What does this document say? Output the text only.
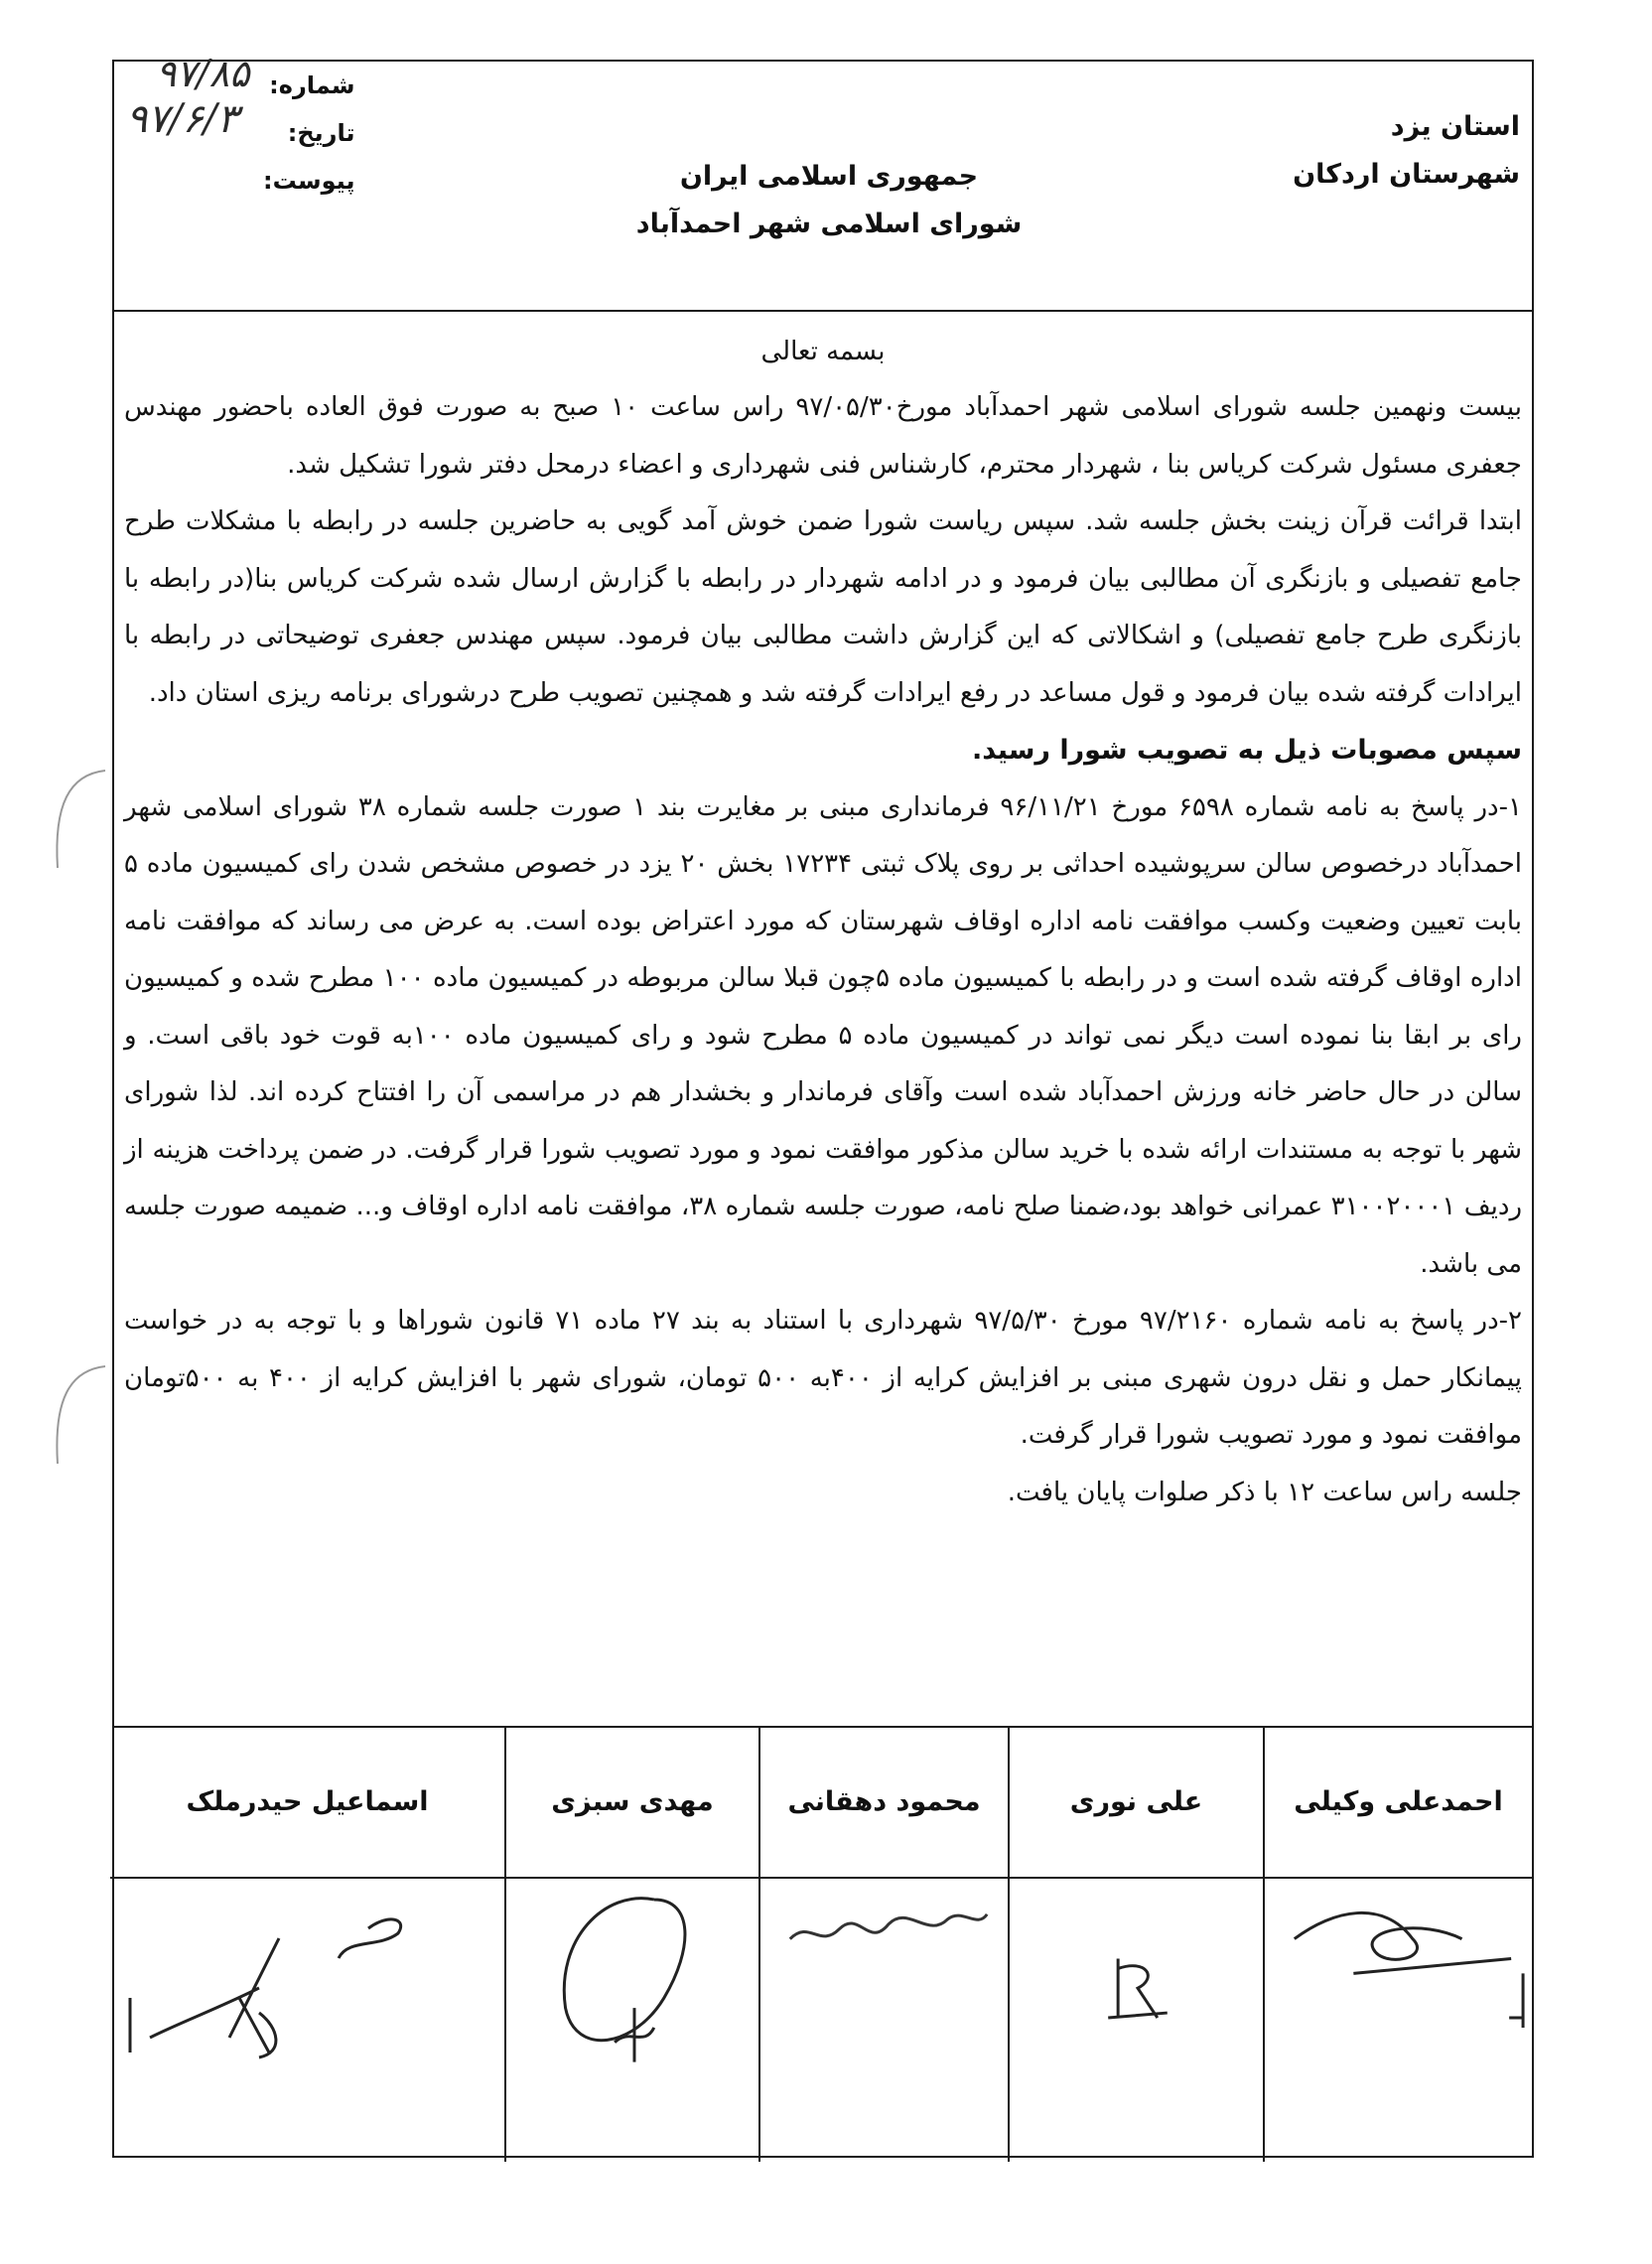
استان یزد
شهرستان اردکان
جمهوری اسلامی ایران
شورای اسلامی شهر احمدآباد
شماره:
تاریخ:
پیوست:
۹۷/۸۵
۹۷/۶/۳
بسمه تعالی

بیست ونهمین جلسه شورای اسلامی شهر احمدآباد مورخ۹۷/۰۵/۳۰ راس ساعت ۱۰ صبح به صورت فوق العاده باحضور مهندس جعفری مسئول شرکت کریاس بنا ، شهردار محترم، کارشناس فنی شهرداری و اعضاء درمحل دفتر شورا تشکیل شد.

ابتدا قرائت قرآن زینت بخش جلسه شد. سپس ریاست شورا ضمن خوش آمد گویی به حاضرین جلسه در رابطه با مشکلات طرح جامع تفصیلی و بازنگری آن مطالبی بیان فرمود و در ادامه شهردار در رابطه با گزارش ارسال شده شرکت کریاس بنا(در رابطه با بازنگری طرح جامع تفصیلی) و اشکالاتی که این گزارش داشت مطالبی بیان فرمود. سپس مهندس جعفری توضیحاتی در رابطه با ایرادات گرفته شده بیان فرمود و قول مساعد در رفع ایرادات گرفته شد و همچنین تصویب طرح درشورای برنامه ریزی استان داد.

سپس مصوبات ذیل به تصویب شورا رسید.

۱-در پاسخ به نامه شماره ۶۵۹۸ مورخ ۹۶/۱۱/۲۱ فرمانداری مبنی بر مغایرت بند ۱ صورت جلسه شماره ۳۸ شورای اسلامی شهر احمدآباد درخصوص سالن سرپوشیده احداثی بر روی پلاک ثبتی ۱۷۲۳۴ بخش ۲۰ یزد در خصوص مشخص شدن رای کمیسیون ماده ۵ بابت تعیین وضعیت وکسب موافقت نامه اداره اوقاف شهرستان که مورد اعتراض بوده است. به عرض می رساند که موافقت نامه اداره اوقاف گرفته شده است و در رابطه با کمیسیون ماده ۵چون قبلا سالن مربوطه در کمیسیون ماده ۱۰۰ مطرح شده و کمیسیون رای بر ابقا بنا نموده است دیگر نمی تواند در کمیسیون ماده ۵ مطرح شود و رای کمیسیون ماده ۱۰۰به قوت خود باقی است. و سالن در حال حاضر خانه ورزش احمدآباد شده است وآقای فرماندار و بخشدار هم در مراسمی آن را افتتاح کرده اند. لذا شورای شهر با توجه به مستندات ارائه شده با خرید سالن مذکور موافقت نمود و مورد تصویب شورا قرار گرفت. در ضمن پرداخت هزینه از ردیف ۳۱۰۰۲۰۰۰۱ عمرانی خواهد بود،ضمنا صلح نامه، صورت جلسه شماره ۳۸، موافقت نامه اداره اوقاف و... ضمیمه صورت جلسه می باشد.

۲-در پاسخ به نامه شماره ۹۷/۲۱۶۰ مورخ ۹۷/۵/۳۰ شهرداری با استناد به بند ۲۷ ماده ۷۱ قانون شوراها و با توجه به در خواست پیمانکار حمل و نقل درون شهری مبنی بر افزایش کرایه از ۴۰۰به ۵۰۰ تومان، شورای شهر با افزایش کرایه از ۴۰۰ به ۵۰۰تومان موافقت نمود و مورد تصویب شورا قرار گرفت.

جلسه راس ساعت ۱۲ با ذکر صلوات پایان یافت.

احمدعلی وکیلی
علی نوری
محمود دهقانی
مهدی سبزی
اسماعیل حیدرملک
